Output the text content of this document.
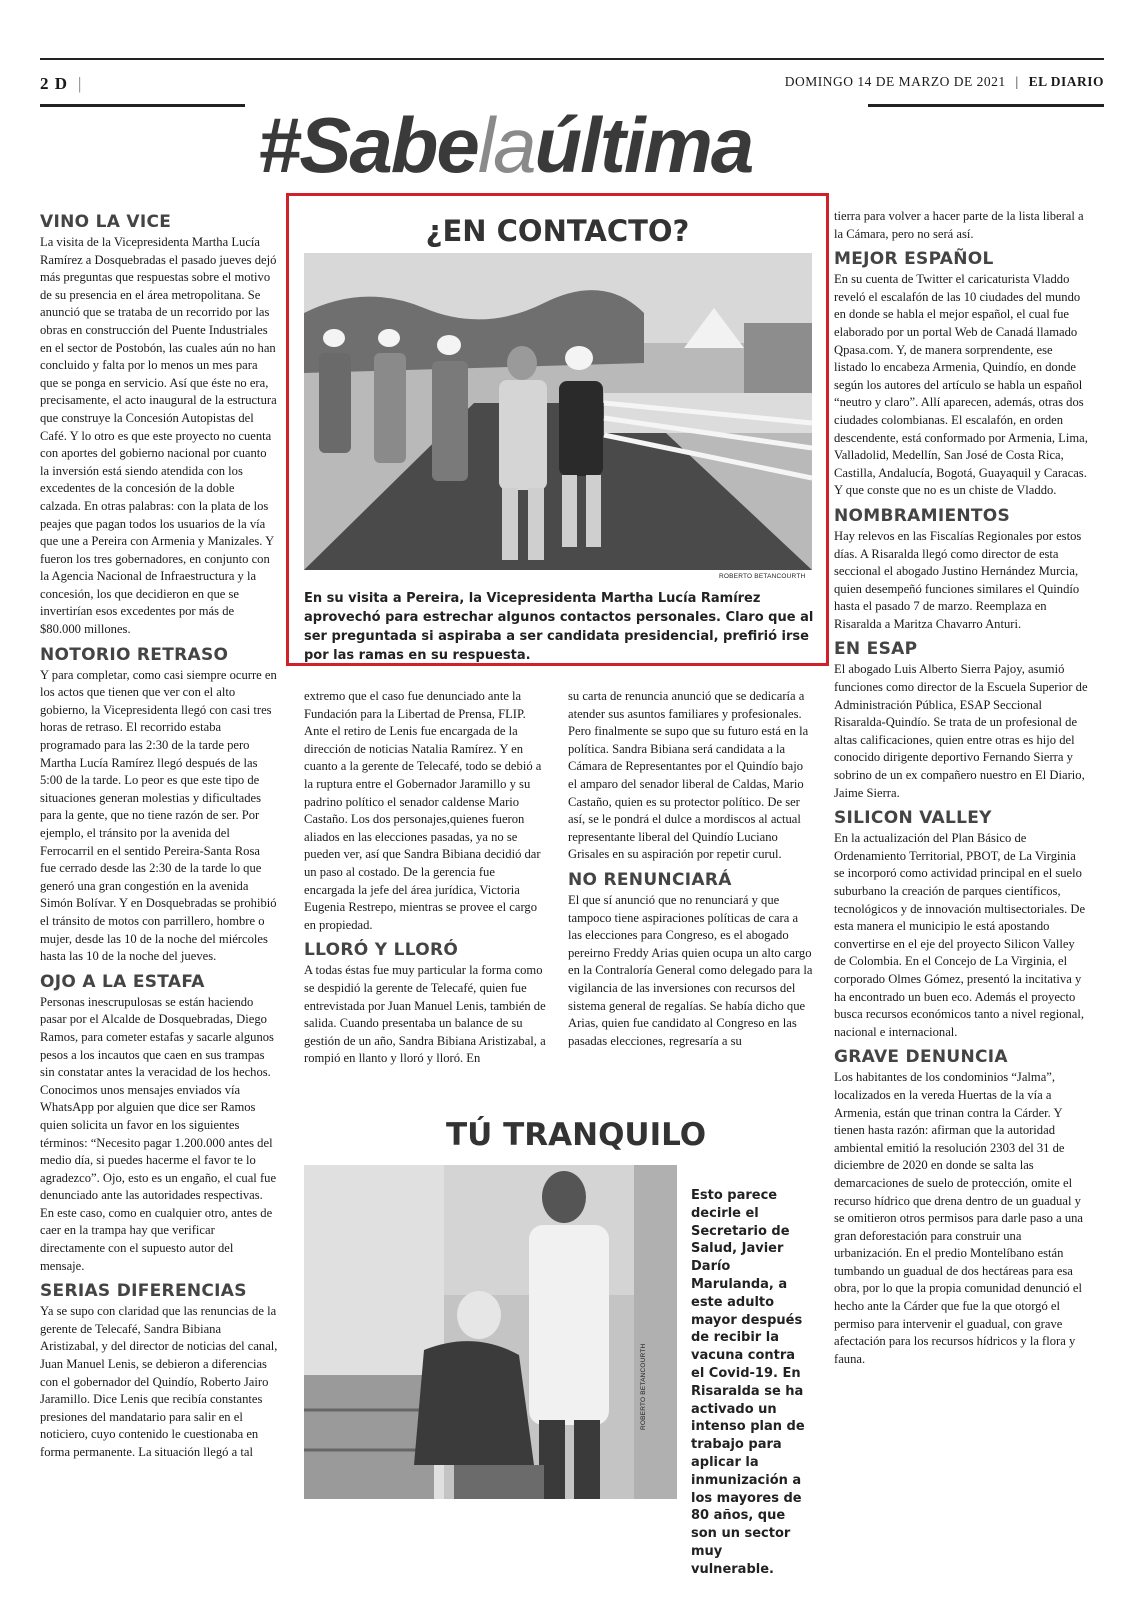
2 D |	DOMINGO 14 DE MARZO DE 2021 | EL DIARIO
#Sabelaúltima
VINO LA VICE

La visita de la Vicepresidenta Martha Lucía Ramírez a Dosquebradas el pasado jueves dejó más preguntas que respuestas sobre el motivo de su presencia en el área metropolitana. Se anunció que se trataba de un recorrido por las obras en construcción del Puente Industriales en el sector de Postobón, las cuales aún no han concluido y falta por lo menos un mes para que se ponga en servicio. Así que éste no era, precisamente, el acto inaugural de la estructura que construye la Concesión Autopistas del Café. Y lo otro es que este proyecto no cuenta con aportes del gobierno nacional por cuanto la inversión está siendo atendida con los excedentes de la concesión de la doble calzada. En otras palabras: con la plata de los peajes que pagan todos los usuarios de la vía que une a Pereira con Armenia y Manizales. Y fueron los tres gobernadores, en conjunto con la Agencia Nacional de Infraestructura y la concesión, los que decidieron en que se invertirían esos excedentes por más de $80.000 millones.

NOTORIO RETRASO

Y para completar, como casi siempre ocurre en los actos que tienen que ver con el alto gobierno, la Vicepresidenta llegó con casi tres horas de retraso. El recorrido estaba programado para las 2:30 de la tarde pero Martha Lucía Ramírez llegó después de las 5:00 de la tarde. Lo peor es que este tipo de situaciones generan molestias y dificultades para la gente, que no tiene razón de ser. Por ejemplo, el tránsito por la avenida del Ferrocarril en el sentido Pereira-Santa Rosa fue cerrado desde las 2:30 de la tarde lo que generó una gran congestión en la avenida Simón Bolívar. Y en Dosquebradas se prohibió el tránsito de motos con parrillero, hombre o mujer, desde las 10 de la noche del miércoles hasta las 10 de la noche del jueves.

OJO A LA ESTAFA

Personas inescrupulosas se están haciendo pasar por el Alcalde de Dosquebradas, Diego Ramos, para cometer estafas y sacarle algunos pesos a los incautos que caen en sus trampas sin constatar antes la veracidad de los hechos. Conocimos unos mensajes enviados vía WhatsApp por alguien que dice ser Ramos quien solicita un favor en los siguientes términos: “Necesito pagar 1.200.000 antes del medio día, si puedes hacerme el favor te lo agradezco”. Ojo, esto es un engaño, el cual fue denunciado ante las autoridades respectivas. En este caso, como en cualquier otro, antes de caer en la trampa hay que verificar directamente con el supuesto autor del mensaje.

SERIAS DIFERENCIAS

Ya se supo con claridad que las renuncias de la gerente de Telecafé, Sandra Bibiana Aristizabal, y del director de noticias del canal, Juan Manuel Lenis, se debieron a diferencias con el gobernador del Quindío, Roberto Jairo Jaramillo. Dice Lenis que recibía constantes presiones del mandatario para salir en el noticiero, cuyo contenido le cuestionaba en forma permanente. La situación llegó a tal

¿EN CONTACTO?
ROBERTO BETANCOURTH
En su visita a Pereira, la Vicepresidenta Martha Lucía Ramírez aprovechó para estrechar algunos contactos personales. Claro que al ser preguntada si aspiraba a ser candidata presidencial, prefirió irse por las ramas en su respuesta.

extremo que el caso fue denunciado ante la Fundación para la Libertad de Prensa, FLIP. Ante el retiro de Lenis fue encargada de la dirección de noticias Natalia Ramírez. Y en cuanto a la gerente de Telecafé, todo se debió a la ruptura entre el Gobernador Jaramillo y su padrino político el senador caldense Mario Castaño. Los dos personajes,quienes fueron aliados en las elecciones pasadas, ya no se pueden ver, así que Sandra Bibiana decidió dar un paso al costado. De la gerencia fue encargada la jefe del área jurídica, Victoria Eugenia Restrepo, mientras se provee el cargo en propiedad.

LLORÓ Y LLORÓ

A todas éstas fue muy particular la forma como se despidió la gerente de Telecafé, quien fue entrevistada por Juan Manuel Lenis, también de salida. Cuando presentaba un balance de su gestión de un año, Sandra Bibiana Aristizabal, a rompió en llanto y lloró y lloró. En

su carta de renuncia anunció que se dedicaría a atender sus asuntos familiares y profesionales. Pero finalmente se supo que su futuro está en la política. Sandra Bibiana será candidata a la Cámara de Representantes por el Quindío bajo el amparo del senador liberal de Caldas, Mario Castaño, quien es su protector político. De ser así, se le pondrá el dulce a mordiscos al actual representante liberal del Quindío Luciano Grisales en su aspiración por repetir curul.

NO RENUNCIARÁ

El que sí anunció que no renunciará y que tampoco tiene aspiraciones políticas de cara a las elecciones para Congreso, es el abogado pereirno Freddy Arias quien ocupa un alto cargo en la Contraloría General como delegado para la vigilancia de las inversiones con recursos del sistema general de regalías. Se había dicho que Arias, quien fue candidato al Congreso en las pasadas elecciones, regresaría a su

TÚ TRANQUILO
ROBERTO BETANCOURTH
Esto parece decirle el Secretario de Salud, Javier Darío Marulanda, a este adulto mayor después de recibir la vacuna contra el Covid-19. En Risaralda se ha activado un intenso plan de trabajo para aplicar la inmunización a los mayores de 80 años, que son un sector muy vulnerable.

tierra para volver a hacer parte de la lista liberal a la Cámara, pero no será así.

MEJOR ESPAÑOL

En su cuenta de Twitter el caricaturista Vladdo reveló el escalafón de las 10 ciudades del mundo en donde se habla el mejor español, el cual fue elaborado por un portal Web de Canadá llamado Qpasa.com. Y, de manera sorprendente, ese listado lo encabeza Armenia, Quindío, en donde según los autores del artículo se habla un español “neutro y claro”. Allí aparecen, además, otras dos ciudades colombianas. El escalafón, en orden descendente, está conformado por Armenia, Lima, Valladolid, Medellín, San José de Costa Rica, Castilla, Andalucía, Bogotá, Guayaquil y Caracas. Y que conste que no es un chiste de Vladdo.

NOMBRAMIENTOS

Hay relevos en las Fiscalías Regionales por estos días. A Risaralda llegó como director de esta seccional el abogado Justino Hernández Murcia, quien desempeñó funciones similares el Quindío hasta el pasado 7 de marzo. Reemplaza en Risaralda a Maritza Chavarro Anturi.

EN ESAP

El abogado Luis Alberto Sierra Pajoy, asumió funciones como director de la Escuela Superior de Administración Pública, ESAP Seccional Risaralda-Quindío. Se trata de un profesional de altas calificaciones, quien entre otras es hijo del conocido dirigente deportivo Fernando Sierra y sobrino de un ex compañero nuestro en El Diario, Jaime Sierra.

SILICON VALLEY

En la actualización del Plan Básico de Ordenamiento Territorial, PBOT, de La Virginia se incorporó como actividad principal en el suelo suburbano la creación de parques científicos, tecnológicos y de innovación multisectoriales. De esta manera el municipio le está apostando convertirse en el eje del proyecto Silicon Valley de Colombia. En el Concejo de La Virginia, el corporado Olmes Gómez, presentó la incitativa y ha encontrado un buen eco. Además el proyecto busca recursos económicos tanto a nivel regional, nacional e internacional.

GRAVE DENUNCIA

Los habitantes de los condominios “Jalma”, localizados en la vereda Huertas de la vía a Armenia, están que trinan contra la Cárder. Y tienen hasta razón: afirman que la autoridad ambiental emitió la resolución 2303 del 31 de diciembre de 2020 en donde se salta las demarcaciones de suelo de protección, omite el recurso hídrico que drena dentro de un guadual y se omitieron otros permisos para darle paso a una gran deforestación para construir una urbanización. En el predio Montelíbano están tumbando un guadual de dos hectáreas para esa obra, por lo que la propia comunidad denunció el hecho ante la Cárder que fue la que otorgó el permiso para intervenir el guadual, con grave afectación para los recursos hídricos y la flora y fauna.
